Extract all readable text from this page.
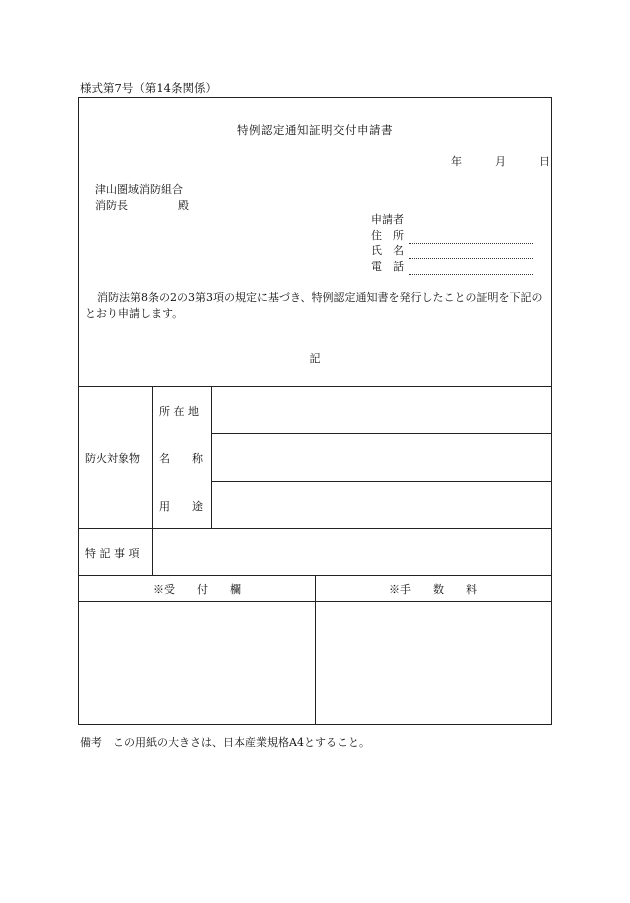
様式第7号（第14条関係）
特例認定通知証明交付申請書
年	月	日
津山圏域消防組合
消防長	殿
申請者
住　所
氏　名
電　話
消防法第8条の2の3第3項の規定に基づき、特例認定通知書を発行したことの証明を下記のとおり申請します。
記
防火対象物
所 在 地
名　　称
用　　途
特 記 事 項
※受　　付　　欄	※手　　数　　料
備考　この用紙の大きさは、日本産業規格A4とすること。
